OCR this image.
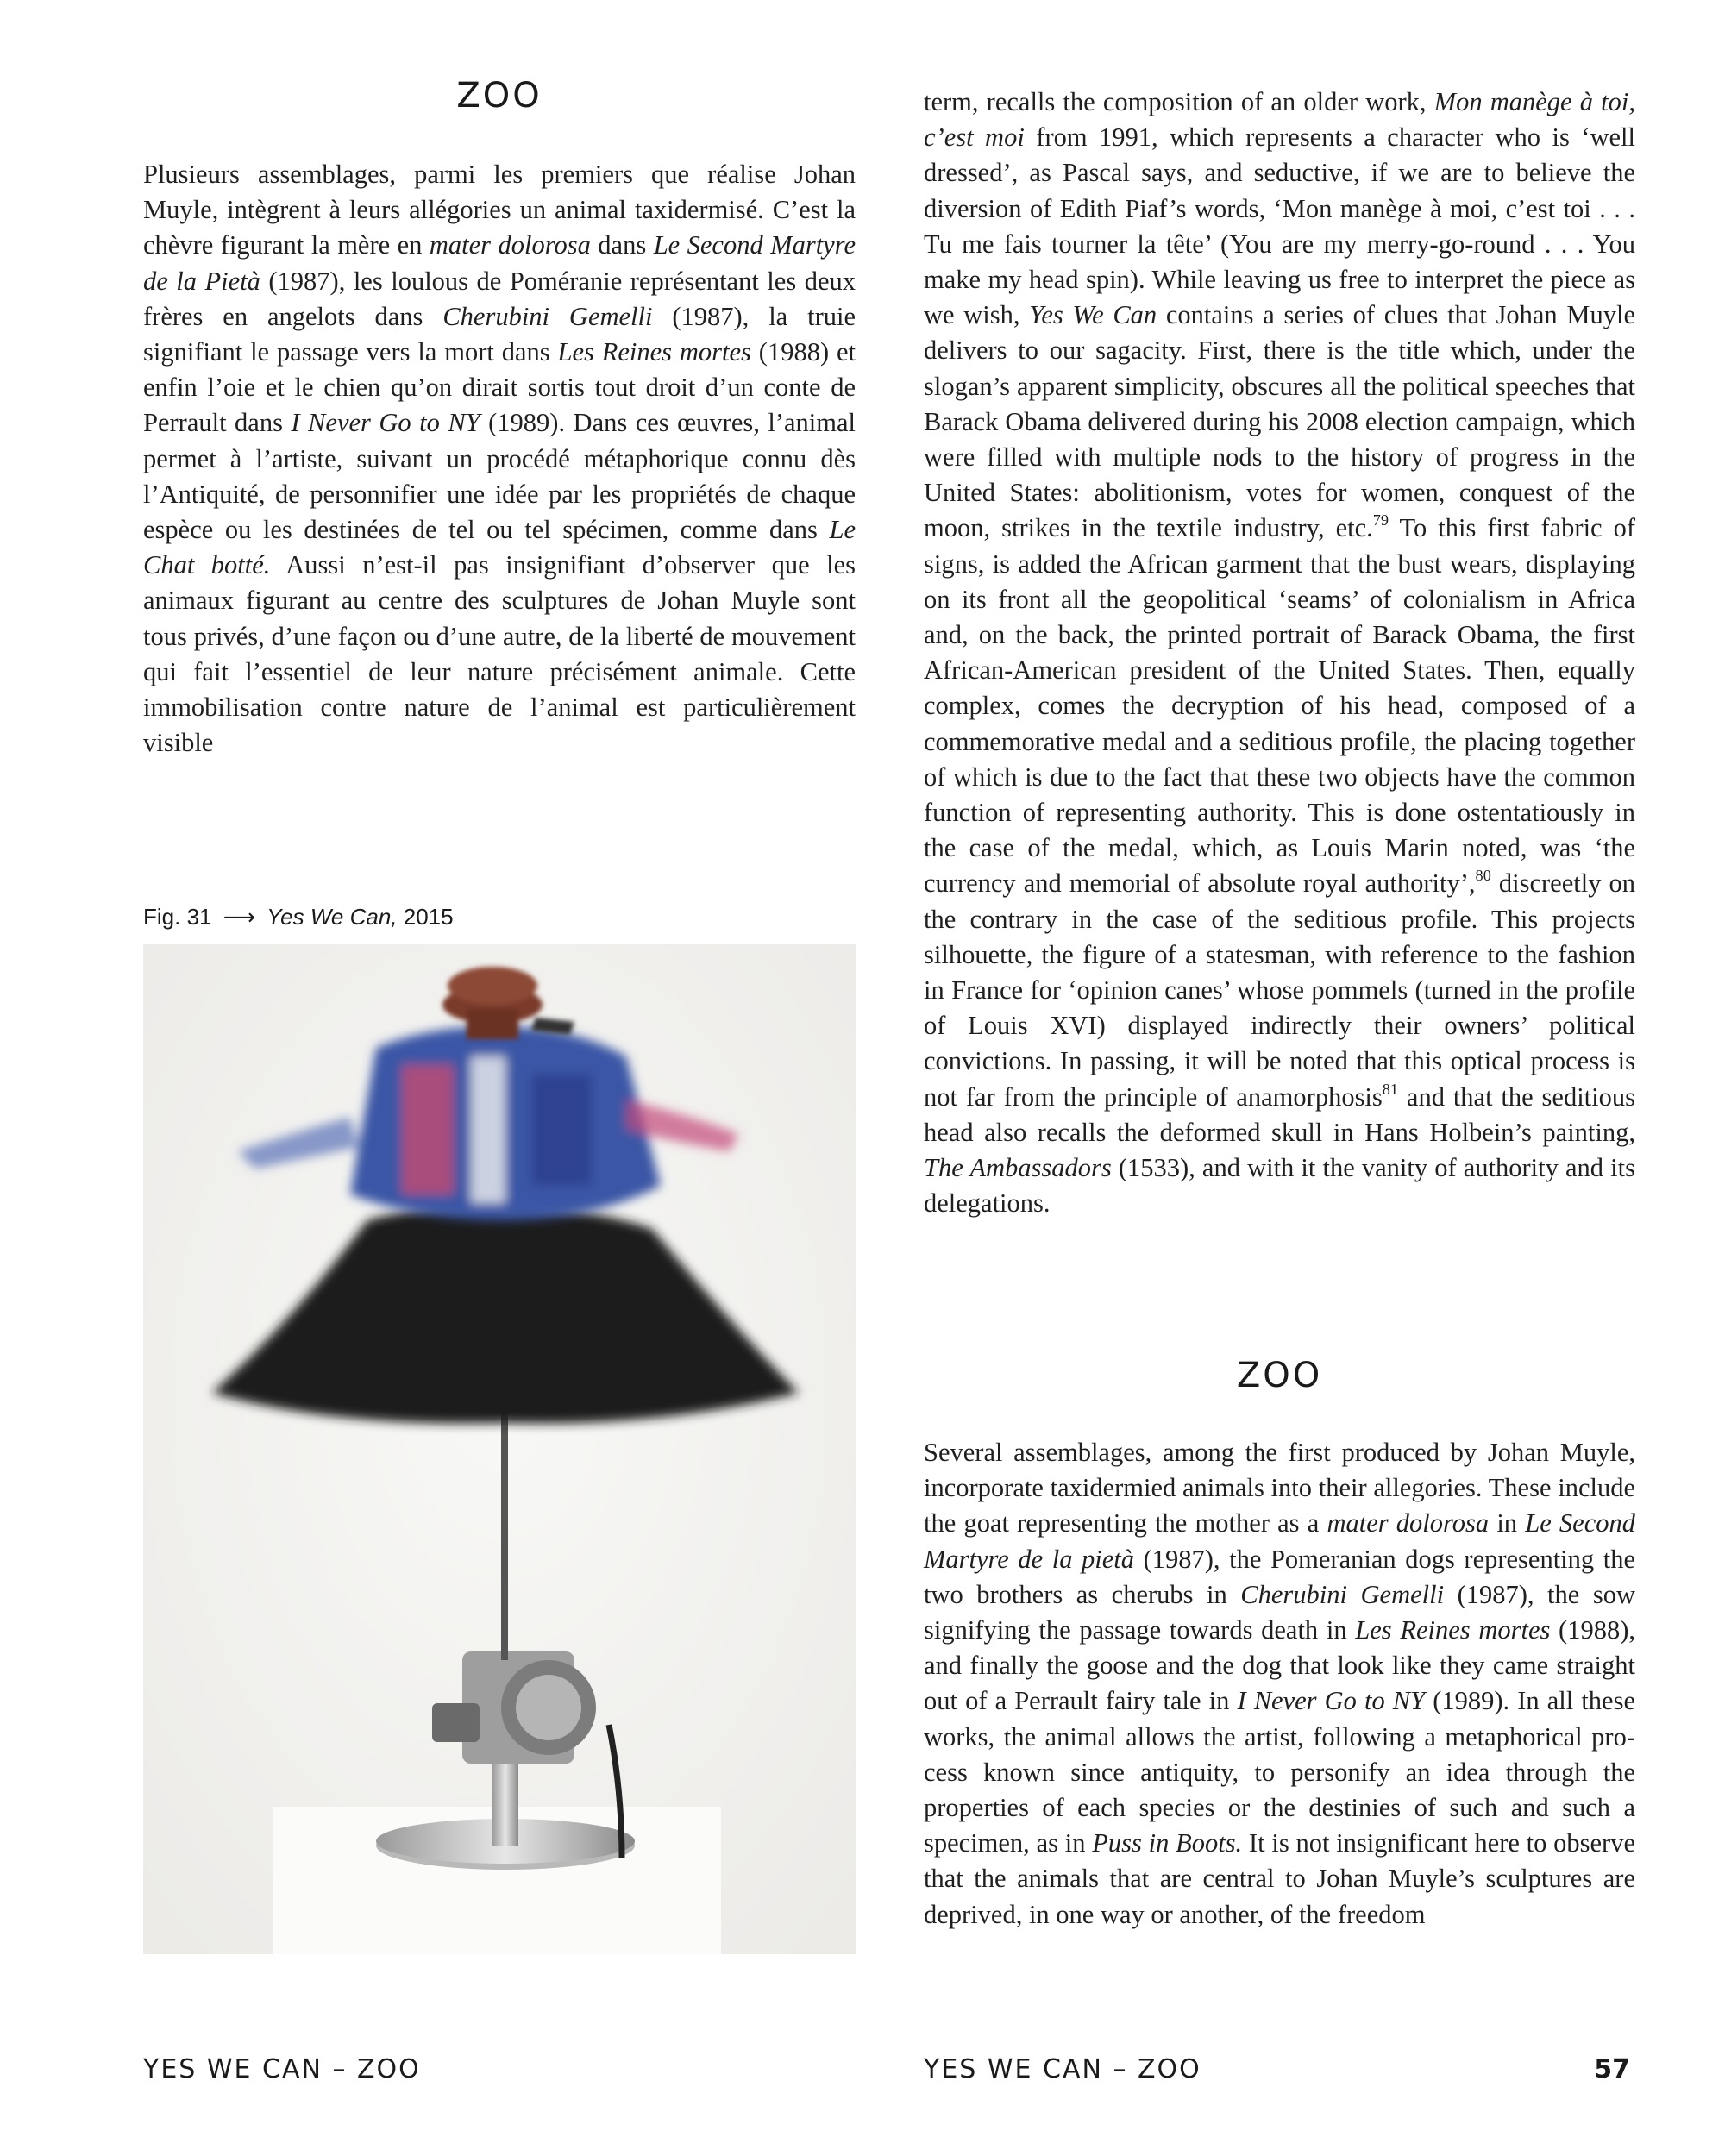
ZOO

Plusieurs assemblages, parmi les premiers que réalise Johan Muyle, intègrent à leurs allégories un animal taxidermisé. C’est la chèvre figurant la mère en mater dolorosa dans Le Second Martyre de la Pietà (1987), les loulous de Poméranie représentant les deux frères en angelots dans Cherubini Gemelli (1987), la truie signifiant le passage vers la mort dans Les Reines mortes (1988) et enfin l’oie et le chien qu’on dirait sortis tout droit d’un conte de Perrault dans I Never Go to NY (1989). Dans ces œuvres, l’animal permet à l’artiste, suivant un procédé métaphorique connu dès l’Antiquité, de personnifier une idée par les propriétés de chaque espèce ou les destinées de tel ou tel spécimen, comme dans Le Chat botté. Aussi n’est-il pas insignifiant d’observer que les animaux figurant au centre des sculptures de Johan Muyle sont tous privés, d’une façon ou d’une autre, de la liberté de mouvement qui fait l’essentiel de leur nature précisément animale. Cette immobilisation contre nature de l’animal est particulièrement visible

Fig. 31 ⟶ Yes We Can, 2015

term, recalls the composition of an older work, Mon manège à toi, c’est moi from 1991, which represents a character who is ‘well dressed’, as Pascal says, and seductive, if we are to believe the diversion of Edith Piaf’s words, ‘Mon manège à moi, c’est toi . . . Tu me fais tourner la tête’ (You are my merry-go-round . . . You make my head spin). While leaving us free to interpret the piece as we wish, Yes We Can contains a series of clues that Johan Muyle delivers to our sagacity. First, there is the title which, under the slogan’s apparent simplicity, obscures all the political speeches that Barack Obama delivered during his 2008 election campaign, which were filled with multiple nods to the history of progress in the United States: abolitionism, votes for women, conquest of the moon, strikes in the textile industry, etc.$^{79}$ To this first fabric of signs, is added the African garment that the bust wears, displaying on its front all the geopolitical ‘seams’ of colonialism in Africa and, on the back, the printed portrait of Barack Obama, the first African-American president of the United States. Then, equally complex, comes the decryption of his head, composed of a commemorative medal and a seditious profile, the placing together of which is due to the fact that these two objects have the common function of representing authority. This is done ostentatiously in the case of the medal, which, as Louis Marin noted, was ‘the currency and memorial of absolute royal authority’,$^{80}$ discreetly on the contrary in the case of the seditious profile. This projects silhouette, the figure of a statesman, with reference to the fashion in France for ‘opinion canes’ whose pommels (turned in the profile of Louis XVI) displayed indirectly their owners’ political convictions. In passing, it will be noted that this optical process is not far from the principle of anamorphosis$^{81}$ and that the seditious head also recalls the deformed skull in Hans Holbein’s painting, The Ambassadors (1533), and with it the vanity of authority and its delegations.

ZOO

Several assemblages, among the first produced by Johan Muyle, incorporate taxidermied animals into their allegories. These include the goat representing the mother as a mater dolorosa in Le Second Martyre de la pietà (1987), the Pomeranian dogs representing the two brothers as cherubs in Cherubini Gemelli (1987), the sow signifying the passage towards death in Les Reines mortes (1988), and finally the goose and the dog that look like they came straight out of a Perrault fairy tale in I Never Go to NY (1989). In all these works, the animal allows the artist, following a metaphorical process known since antiquity, to personify an idea through the properties of each species or the destinies of such and such a specimen, as in Puss in Boots. It is not insignificant here to observe that the animals that are central to Johan Muyle’s sculptures are deprived, in one way or another, of the freedom

YES WE CAN – ZOO	YES WE CAN – ZOO	57
